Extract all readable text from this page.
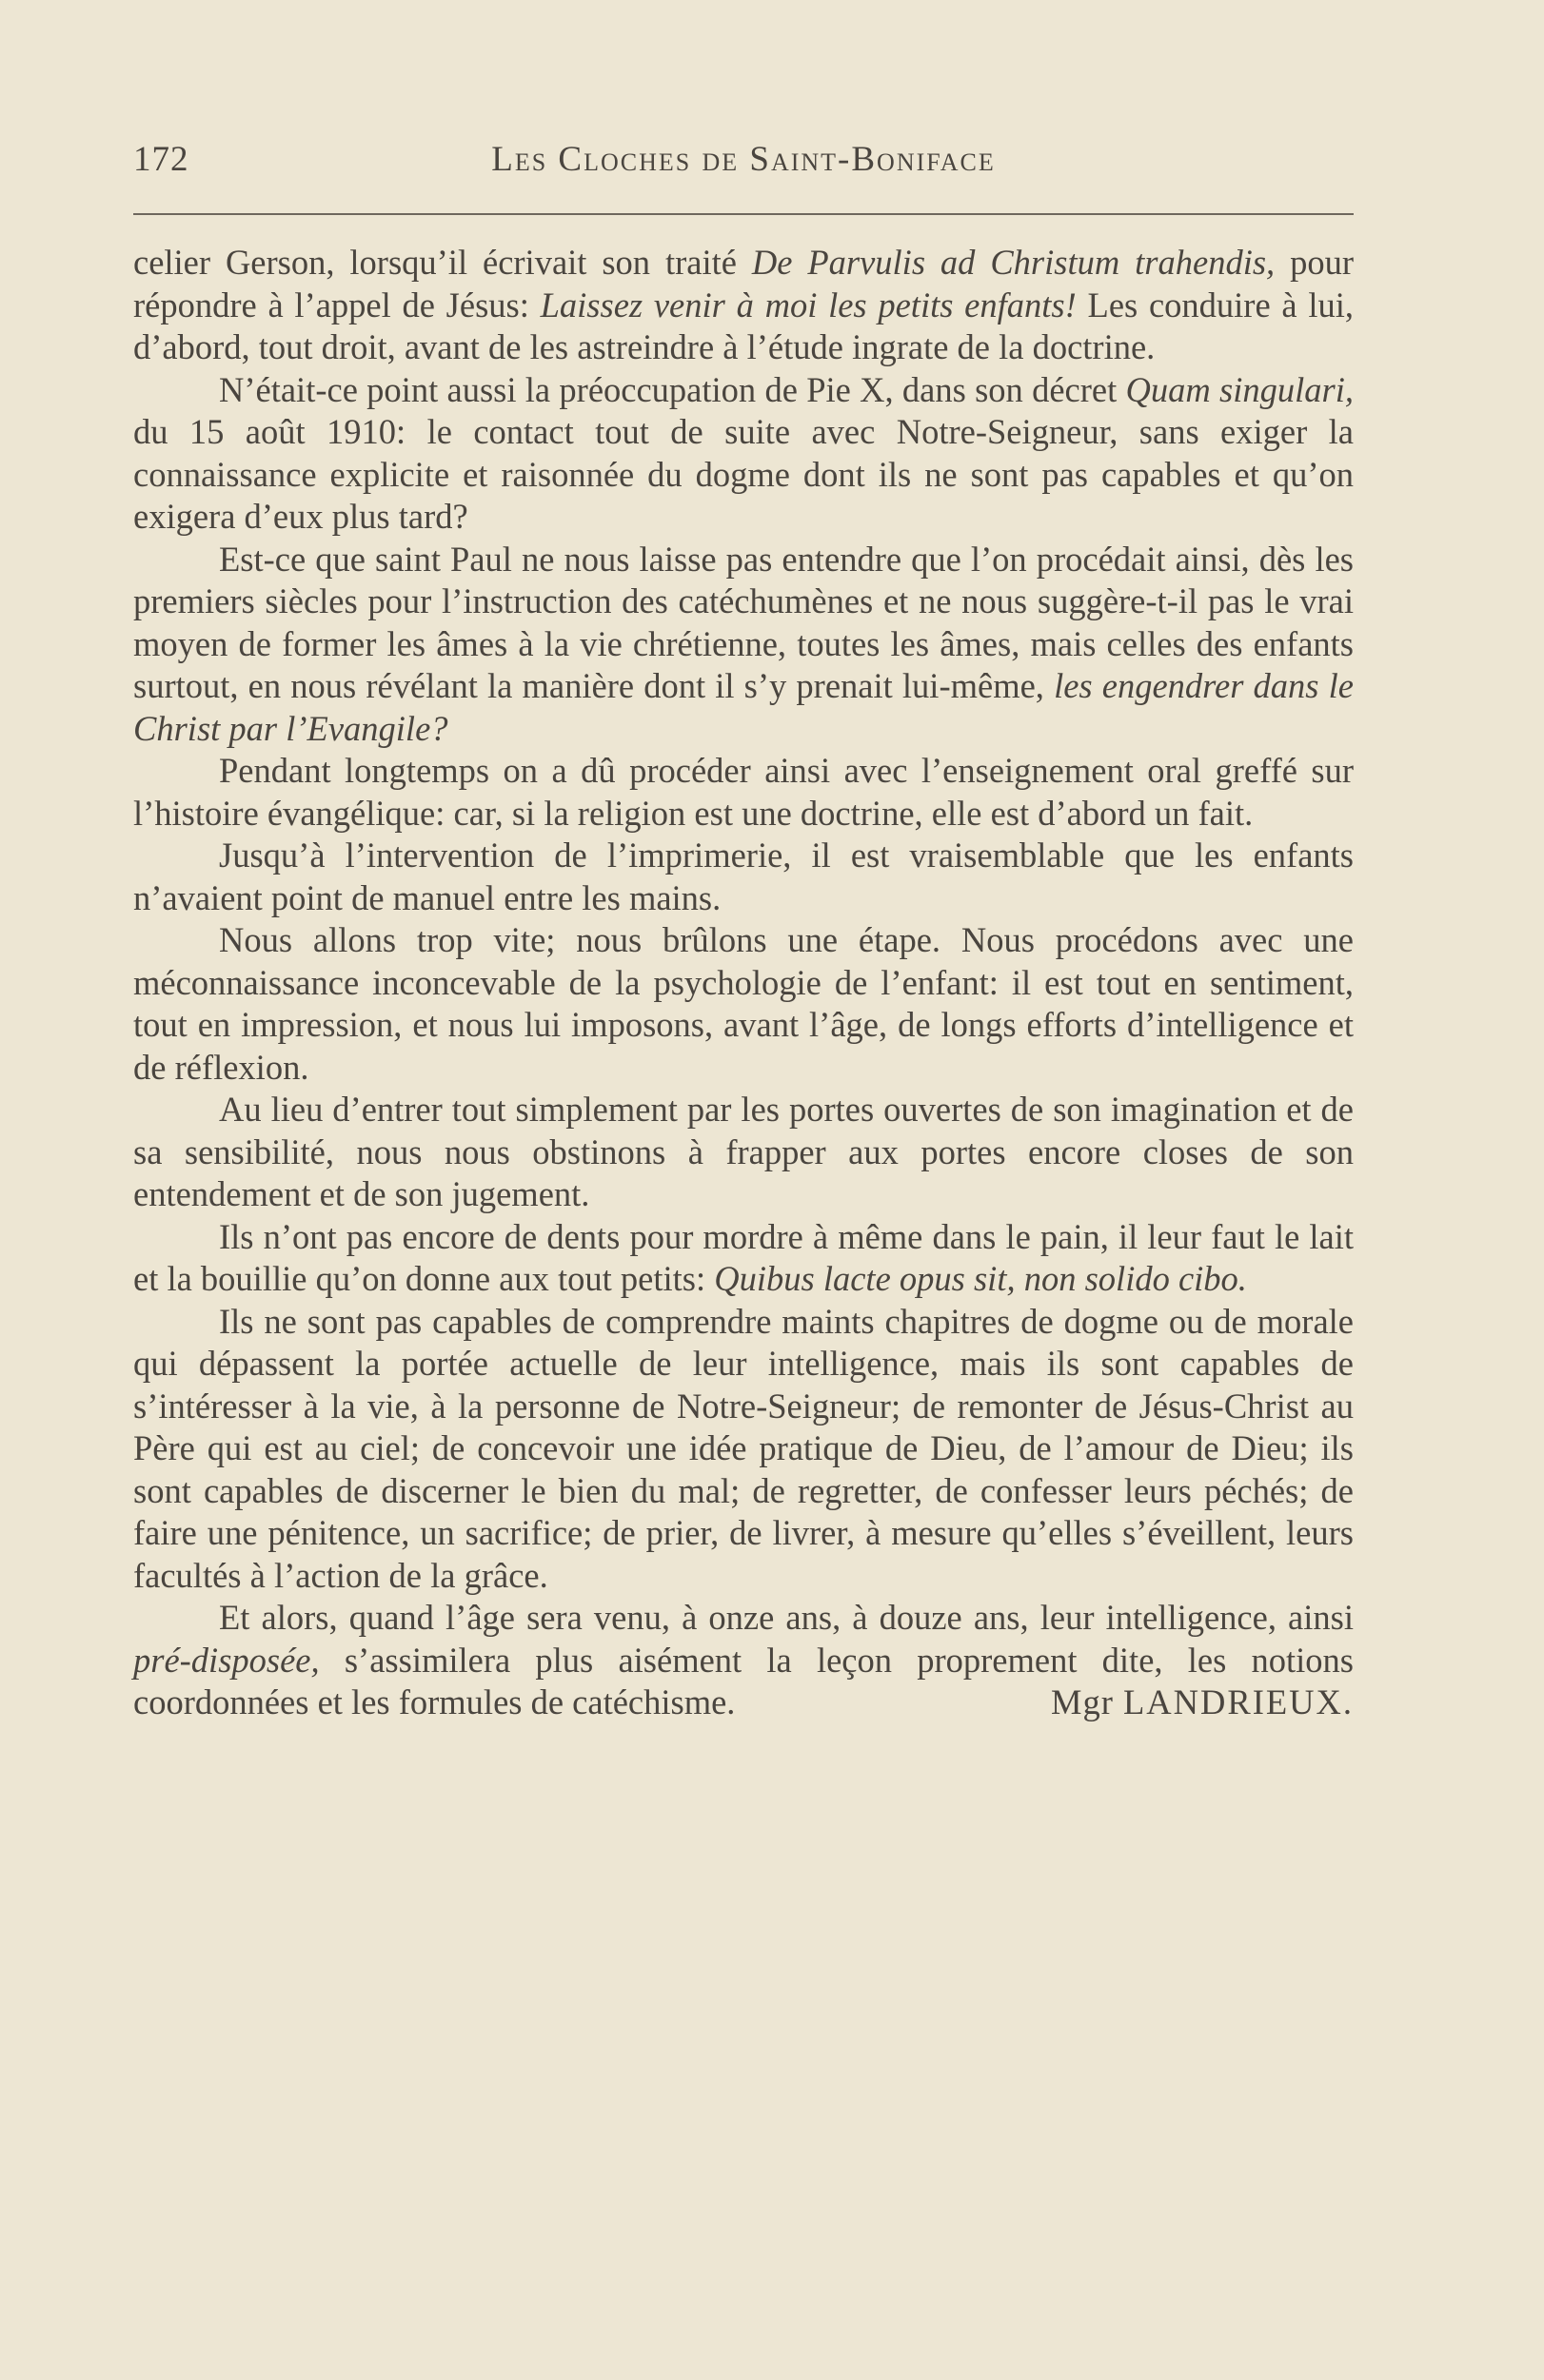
172	Les Cloches de Saint-Boniface

celier Gerson, lorsqu’il écrivait son traité De Parvulis ad Christum trahendis, pour répondre à l’appel de Jésus: Laissez venir à moi les petits enfants! Les conduire à lui, d’abord, tout droit, avant de les astreindre à l’étude ingrate de la doctrine.

N’était-ce point aussi la préoccupation de Pie X, dans son décret Quam singulari, du 15 août 1910: le contact tout de suite avec Notre-Seigneur, sans exiger la connaissance explicite et raisonnée du dogme dont ils ne sont pas capables et qu’on exigera d’eux plus tard?

Est-ce que saint Paul ne nous laisse pas entendre que l’on procédait ainsi, dès les premiers siècles pour l’instruction des catéchumènes et ne nous suggère-t-il pas le vrai moyen de former les âmes à la vie chrétienne, toutes les âmes, mais celles des enfants surtout, en nous révélant la manière dont il s’y prenait lui-même, les engendrer dans le Christ par l’Evangile?

Pendant longtemps on a dû procéder ainsi avec l’enseignement oral greffé sur l’histoire évangélique: car, si la religion est une doctrine, elle est d’abord un fait.

Jusqu’à l’intervention de l’imprimerie, il est vraisemblable que les enfants n’avaient point de manuel entre les mains.

Nous allons trop vite; nous brûlons une étape. Nous procédons avec une méconnaissance inconcevable de la psychologie de l’enfant: il est tout en sentiment, tout en impression, et nous lui imposons, avant l’âge, de longs efforts d’intelligence et de réflexion.

Au lieu d’entrer tout simplement par les portes ouvertes de son imagination et de sa sensibilité, nous nous obstinons à frapper aux portes encore closes de son entendement et de son jugement.

Ils n’ont pas encore de dents pour mordre à même dans le pain, il leur faut le lait et la bouillie qu’on donne aux tout petits: Quibus lacte opus sit, non solido cibo.

Ils ne sont pas capables de comprendre maints chapitres de dogme ou de morale qui dépassent la portée actuelle de leur intelligence, mais ils sont capables de s’intéresser à la vie, à la personne de Notre-Seigneur; de remonter de Jésus-Christ au Père qui est au ciel; de concevoir une idée pratique de Dieu, de l’amour de Dieu; ils sont capables de discerner le bien du mal; de regretter, de confesser leurs péchés; de faire une pénitence, un sacrifice; de prier, de livrer, à mesure qu’elles s’éveillent, leurs facultés à l’action de la grâce.

Et alors, quand l’âge sera venu, à onze ans, à douze ans, leur intelligence, ainsi pré-disposée, s’assimilera plus aisément la leçon proprement dite, les notions coordonnées et les formules de catéchisme.	Mgr LANDRIEUX.
